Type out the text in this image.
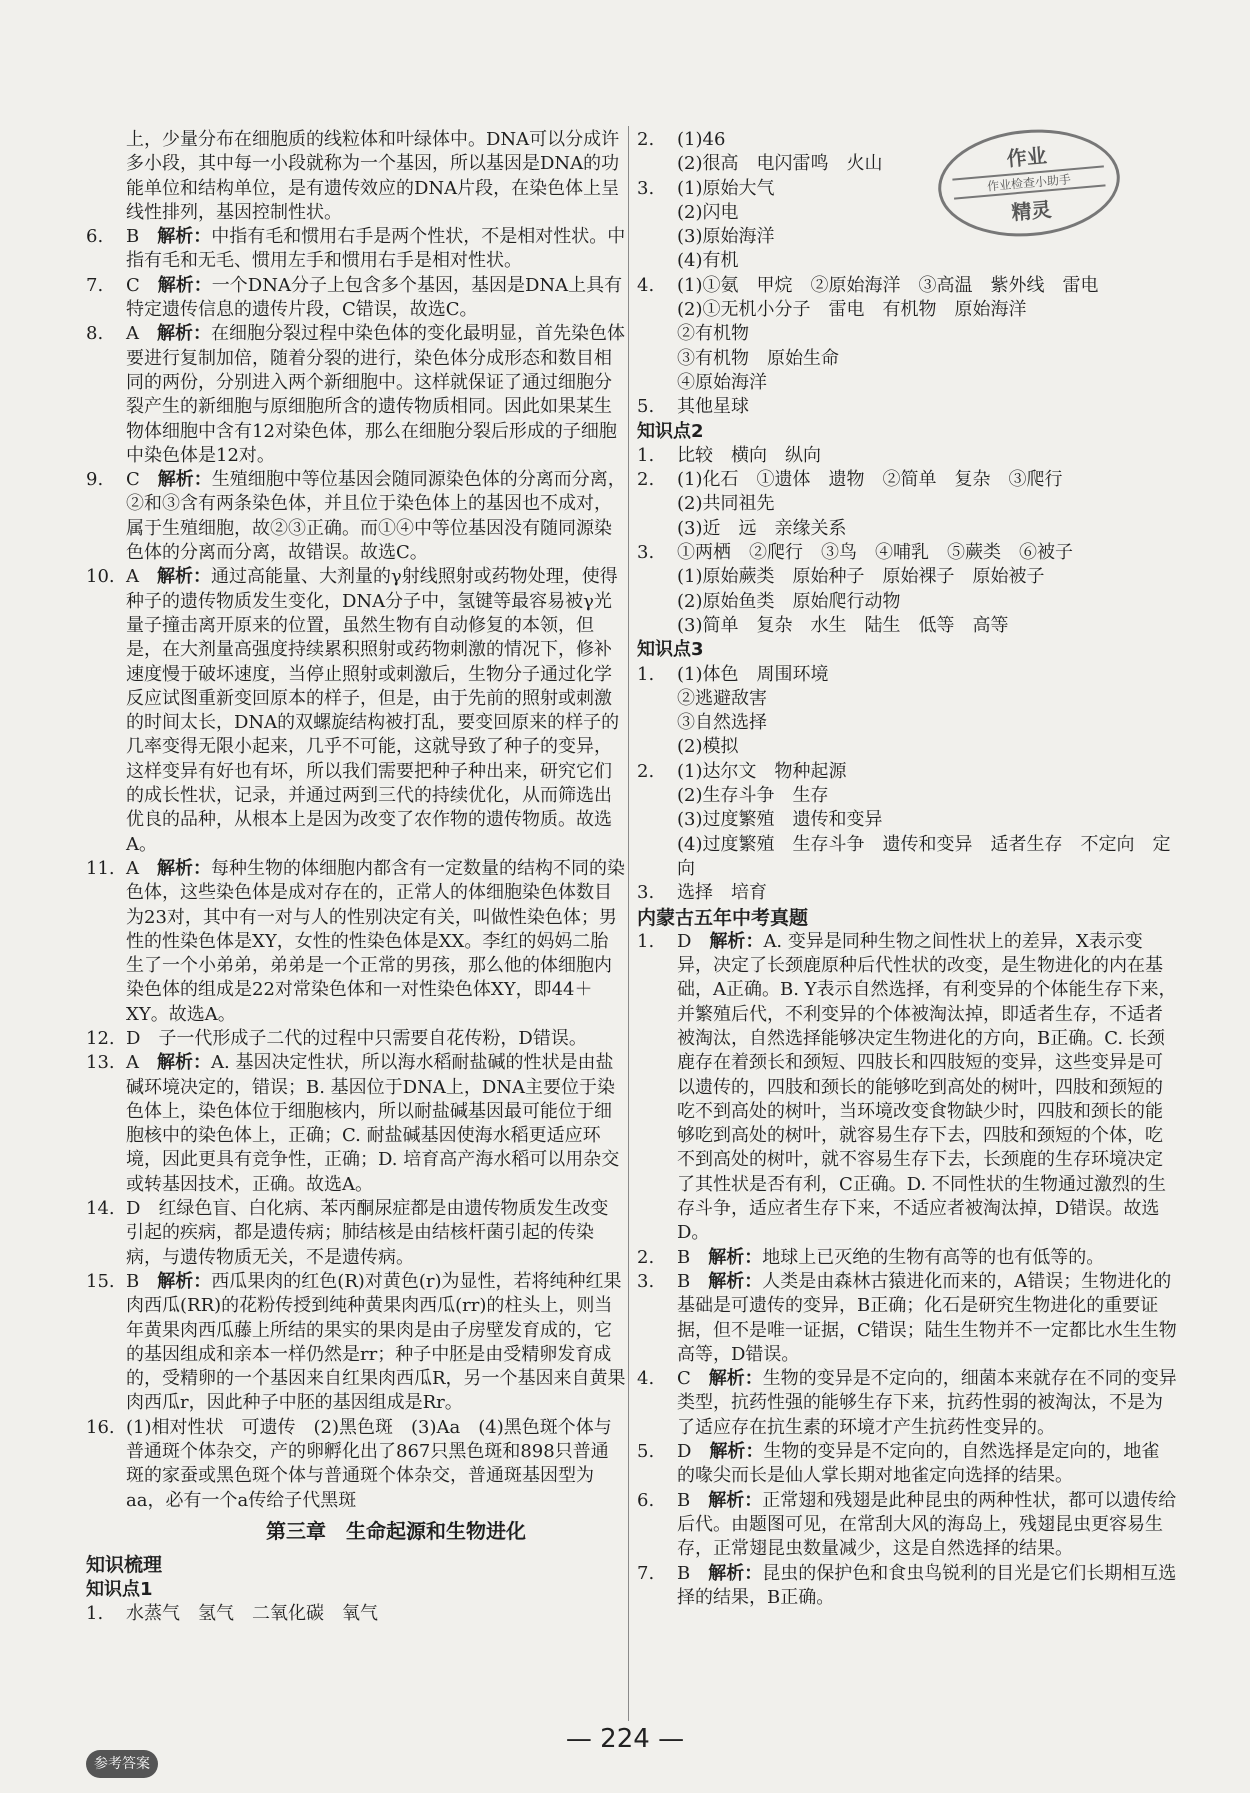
作业
作业检查小助手
精灵
上，少量分布在细胞质的线粒体和叶绿体中。DNA可以分成许多小段，其中每一小段就称为一个基因，所以基因是DNA的功能单位和结构单位，是有遗传效应的DNA片段，在染色体上呈线性排列，基因控制性状。
6.	B　 解析 ： 中指有毛和惯用右手是两个性状，不是相对性状。中指有毛和无毛、惯用左手和惯用右手是相对性状。
7.	C　 解析 ： 一个DNA分子上包含多个基因，基因是DNA上具有特定遗传信息的遗传片段，C错误，故选C。
8.	A　 解析 ： 在细胞分裂过程中染色体的变化最明显，首先染色体要进行复制加倍，随着分裂的进行，染色体分成形态和数目相同的两份，分别进入两个新细胞中。这样就保证了通过细胞分裂产生的新细胞与原细胞所含的遗传物质相同。因此如果某生物体细胞中含有12对染色体，那么在细胞分裂后形成的子细胞中染色体是12对。
9.	C　 解析 ： 生殖细胞中等位基因会随同源染色体的分离而分离，②和③含有两条染色体，并且位于染色体上的基因也不成对，属于生殖细胞，故②③正确。而①④中等位基因没有随同源染色体的分离而分离，故错误。故选C。
10. A　 解析 ： 通过高能量、大剂量的γ射线照射或药物处理，使得种子的遗传物质发生变化，DNA分子中，氢键等最容易被γ光量子撞击离开原来的位置，虽然生物有自动修复的本领，但是，在大剂量高强度持续累积照射或药物刺激的情况下，修补速度慢于破坏速度，当停止照射或刺激后，生物分子通过化学反应试图重新变回原本的样子，但是，由于先前的照射或刺激的时间太长，DNA的双螺旋结构被打乱，要变回原来的样子的几率变得无限小起来，几乎不可能，这就导致了种子的变异，这样变异有好也有坏，所以我们需要把种子种出来，研究它们的成长性状，记录，并通过两到三代的持续优化，从而筛选出优良的品种，从根本上是因为改变了农作物的遗传物质。故选A。
11. A　 解析 ： 每种生物的体细胞内都含有一定数量的结构不同的染色体，这些染色体是成对存在的，正常人的体细胞染色体数目为23对，其中有一对与人的性别决定有关，叫做性染色体；男性的性染色体是XY，女性的性染色体是XX。李红的妈妈二胎生了一个小弟弟，弟弟是一个正常的男孩，那么他的体细胞内染色体的组成是22对常染色体和一对性染色体XY，即44＋XY。故选A。
12. D　 子一代形成子二代的过程中只需要自花传粉，D错误。
13. A　 解析 ： A. 基因决定性状，所以海水稻耐盐碱的性状是由盐碱环境决定的，错误；B. 基因位于DNA上，DNA主要位于染色体上，染色体位于细胞核内，所以耐盐碱基因最可能位于细胞核中的染色体上，正确；C. 耐盐碱基因使海水稻更适应环境，因此更具有竞争性，正确；D. 培育高产海水稻可以用杂交或转基因技术，正确。故选A。
14. D　 红绿色盲、白化病、苯丙酮尿症都是由遗传物质发生改变引起的疾病，都是遗传病；肺结核是由结核杆菌引起的传染病，与遗传物质无关，不是遗传病。
15. B　 解析 ： 西瓜果肉的红色(R)对黄色(r)为显性，若将纯种红果肉西瓜(RR)的花粉传授到纯种黄果肉西瓜(rr)的柱头上，则当年黄果肉西瓜藤上所结的果实的果肉是由子房壁发育成的，它的基因组成和亲本一样仍然是rr；种子中胚是由受精卵发育成的，受精卵的一个基因来自红果肉西瓜R，另一个基因来自黄果肉西瓜r，因此种子中胚的基因组成是Rr。
16. (1)相对性状　可遗传　(2)黑色斑　(3)Aa　(4)黑色斑个体与普通斑个体杂交，产的卵孵化出了867只黑色斑和898只普通斑的家蚕或黑色斑个体与普通斑个体杂交，普通斑基因型为aa，必有一个a传给子代黑斑
第三章　生命起源和生物进化
知识梳理
知识点1
1.	水蒸气　氢气　二氧化碳　氧气
2.	(1)46
(2)很高　电闪雷鸣　火山
3.	(1)原始大气
(2)闪电
(3)原始海洋
(4)有机
4.	(1)①氨　甲烷　②原始海洋　③高温　紫外线　雷电
(2)①无机小分子　雷电　有机物　原始海洋
②有机物
③有机物　原始生命
④原始海洋
5.	其他星球
知识点2
1.	比较　横向　纵向
2.	(1)化石　①遗体　遗物　②简单　复杂　③爬行
(2)共同祖先
(3)近　远　亲缘关系
3.	①两栖　②爬行　③鸟　④哺乳　⑤蕨类　⑥被子
(1)原始蕨类　原始种子　原始裸子　原始被子
(2)原始鱼类　原始爬行动物
(3)简单　复杂　水生　陆生　低等　高等
知识点3
1.	(1)体色　周围环境
②逃避敌害
③自然选择
(2)模拟
2.	(1)达尔文　物种起源
(2)生存斗争　生存
(3)过度繁殖　遗传和变异
(4)过度繁殖　生存斗争　遗传和变异　适者生存　不定向　定向
3.	选择　培育
内蒙古五年中考真题
1.	D　 解析 ： A. 变异是同种生物之间性状上的差异，X表示变异，决定了长颈鹿原种后代性状的改变，是生物进化的内在基础，A正确。B. Y表示自然选择，有利变异的个体能生存下来，并繁殖后代，不利变异的个体被淘汰掉，即适者生存，不适者被淘汰，自然选择能够决定生物进化的方向，B正确。C. 长颈鹿存在着颈长和颈短、四肢长和四肢短的变异，这些变异是可以遗传的，四肢和颈长的能够吃到高处的树叶，四肢和颈短的吃不到高处的树叶，当环境改变食物缺少时，四肢和颈长的能够吃到高处的树叶，就容易生存下去，四肢和颈短的个体，吃不到高处的树叶，就不容易生存下去，长颈鹿的生存环境决定了其性状是否有利，C正确。D. 不同性状的生物通过激烈的生存斗争，适应者生存下来，不适应者被淘汰掉，D错误。故选D。
2.	B　 解析 ： 地球上已灭绝的生物有高等的也有低等的。
3.	B　 解析 ： 人类是由森林古猿进化而来的，A错误；生物进化的基础是可遗传的变异，B正确；化石是研究生物进化的重要证据，但不是唯一证据，C错误；陆生生物并不一定都比水生生物高等，D错误。
4.	C　 解析 ： 生物的变异是不定向的，细菌本来就存在不同的变异类型，抗药性强的能够生存下来，抗药性弱的被淘汰，不是为了适应存在抗生素的环境才产生抗药性变异的。
5.	D　 解析 ： 生物的变异是不定向的，自然选择是定向的，地雀的喙尖而长是仙人掌长期对地雀定向选择的结果。
6.	B　 解析 ： 正常翅和残翅是此种昆虫的两种性状，都可以遗传给后代。由题图可见，在常刮大风的海岛上，残翅昆虫更容易生存，正常翅昆虫数量减少，这是自然选择的结果。
7.	B　 解析 ： 昆虫的保护色和食虫鸟锐利的目光是它们长期相互选择的结果，B正确。
— 224 —
参考答案
